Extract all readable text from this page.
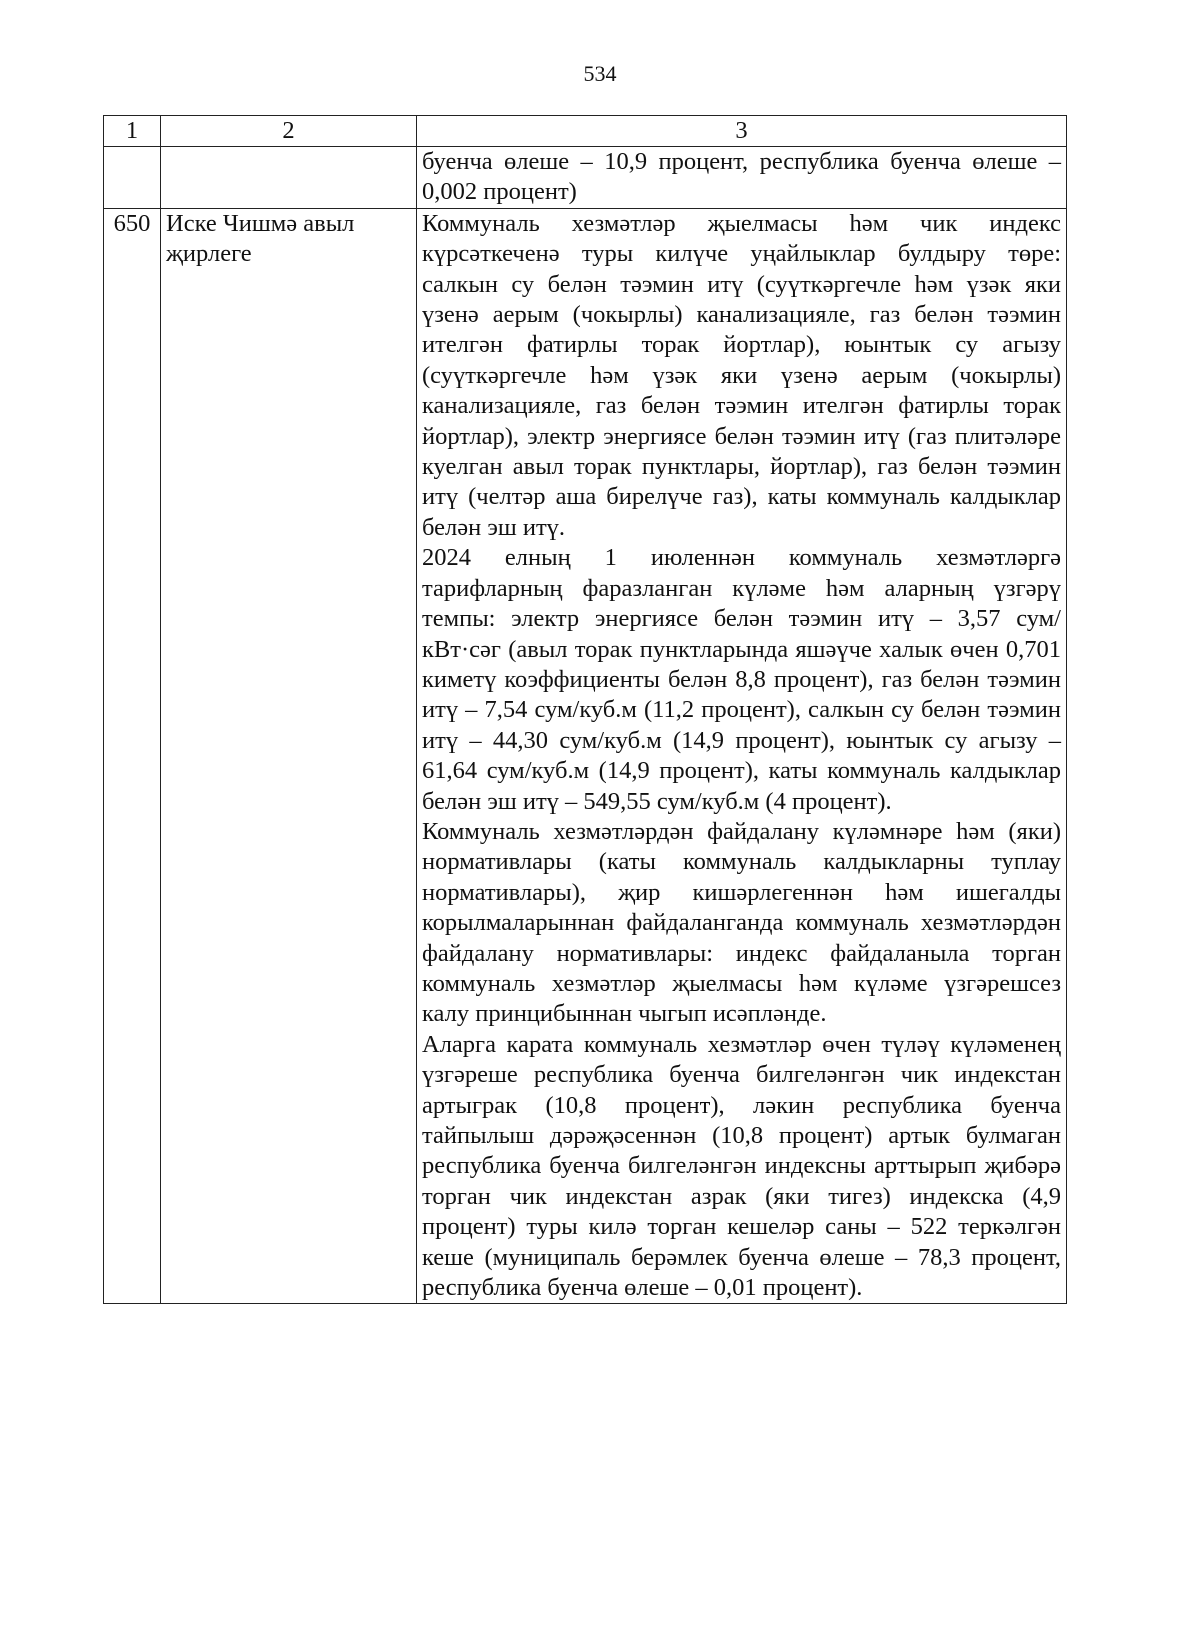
534
1	2	3

		буенча өлеше – 10,9 процент, республика буенча өлеше – 0,002 процент)

650	Иске Чишмә авыл җирлеге	Коммуналь хезмәтләр җыелмасы һәм чик индекс күрсәткеченә туры килүче уңайлыклар булдыру төре: салкын су белән тәэмин итү (суүткәргечле һәм үзәк яки үзенә аерым (чокырлы) канализацияле, газ белән тәэмин ителгән фатирлы торак йортлар), юынтык су агызу (суүткәргечле һәм үзәк яки үзенә аерым (чокырлы) канализацияле, газ белән тәэмин ителгән фатирлы торак йортлар), электр энергиясе белән тәэмин итү (газ плитәләре куелган авыл торак пунктлары, йортлар), газ белән тәэмин итү (челтәр аша бирелүче газ), каты коммуналь калдыклар белән эш итү.

2024 елның 1 июленнән коммуналь хезмәтләргә тарифларның фаразланган күләме һәм аларның үзгәрү темпы: электр энергиясе белән тәэмин итү – 3,57 сум/кВт·сәг (авыл торак пунктларында яшәүче халык өчен 0,701 киметү коэффициенты белән 8,8 процент), газ белән тәэмин итү – 7,54 сум/куб.м (11,2 процент), салкын су белән тәэмин итү – 44,30 сум/куб.м (14,9 процент), юынтык су агызу – 61,64 сум/куб.м (14,9 процент), каты коммуналь калдыклар белән эш итү – 549,55 сум/куб.м (4 процент).

Коммуналь хезмәтләрдән файдалану күләмнәре һәм (яки) нормативлары (каты коммуналь калдыкларны туплау нормативлары), җир кишәрлегеннән һәм ишегалды корылмаларыннан файдаланганда коммуналь хезмәтләрдән файдалану нормативлары: индекс файдаланыла торган коммуналь хезмәтләр җыелмасы һәм күләме үзгәрешсез калу принцибыннан чыгып исәпләнде.

Аларга карата коммуналь хезмәтләр өчен түләү күләменең үзгәреше республика буенча билгеләнгән чик индекстан артыграк (10,8 процент), ләкин республика буенча тайпылыш дәрәҗәсеннән (10,8 процент) артык булмаган республика буенча билгеләнгән индексны арттырып җибәрә торган чик индекстан азрак (яки тигез) индекска (4,9 процент) туры килә торган кешеләр саны – 522 теркәлгән кеше (муниципаль берәмлек буенча өлеше – 78,3 процент, республика буенча өлеше – 0,01 процент).
